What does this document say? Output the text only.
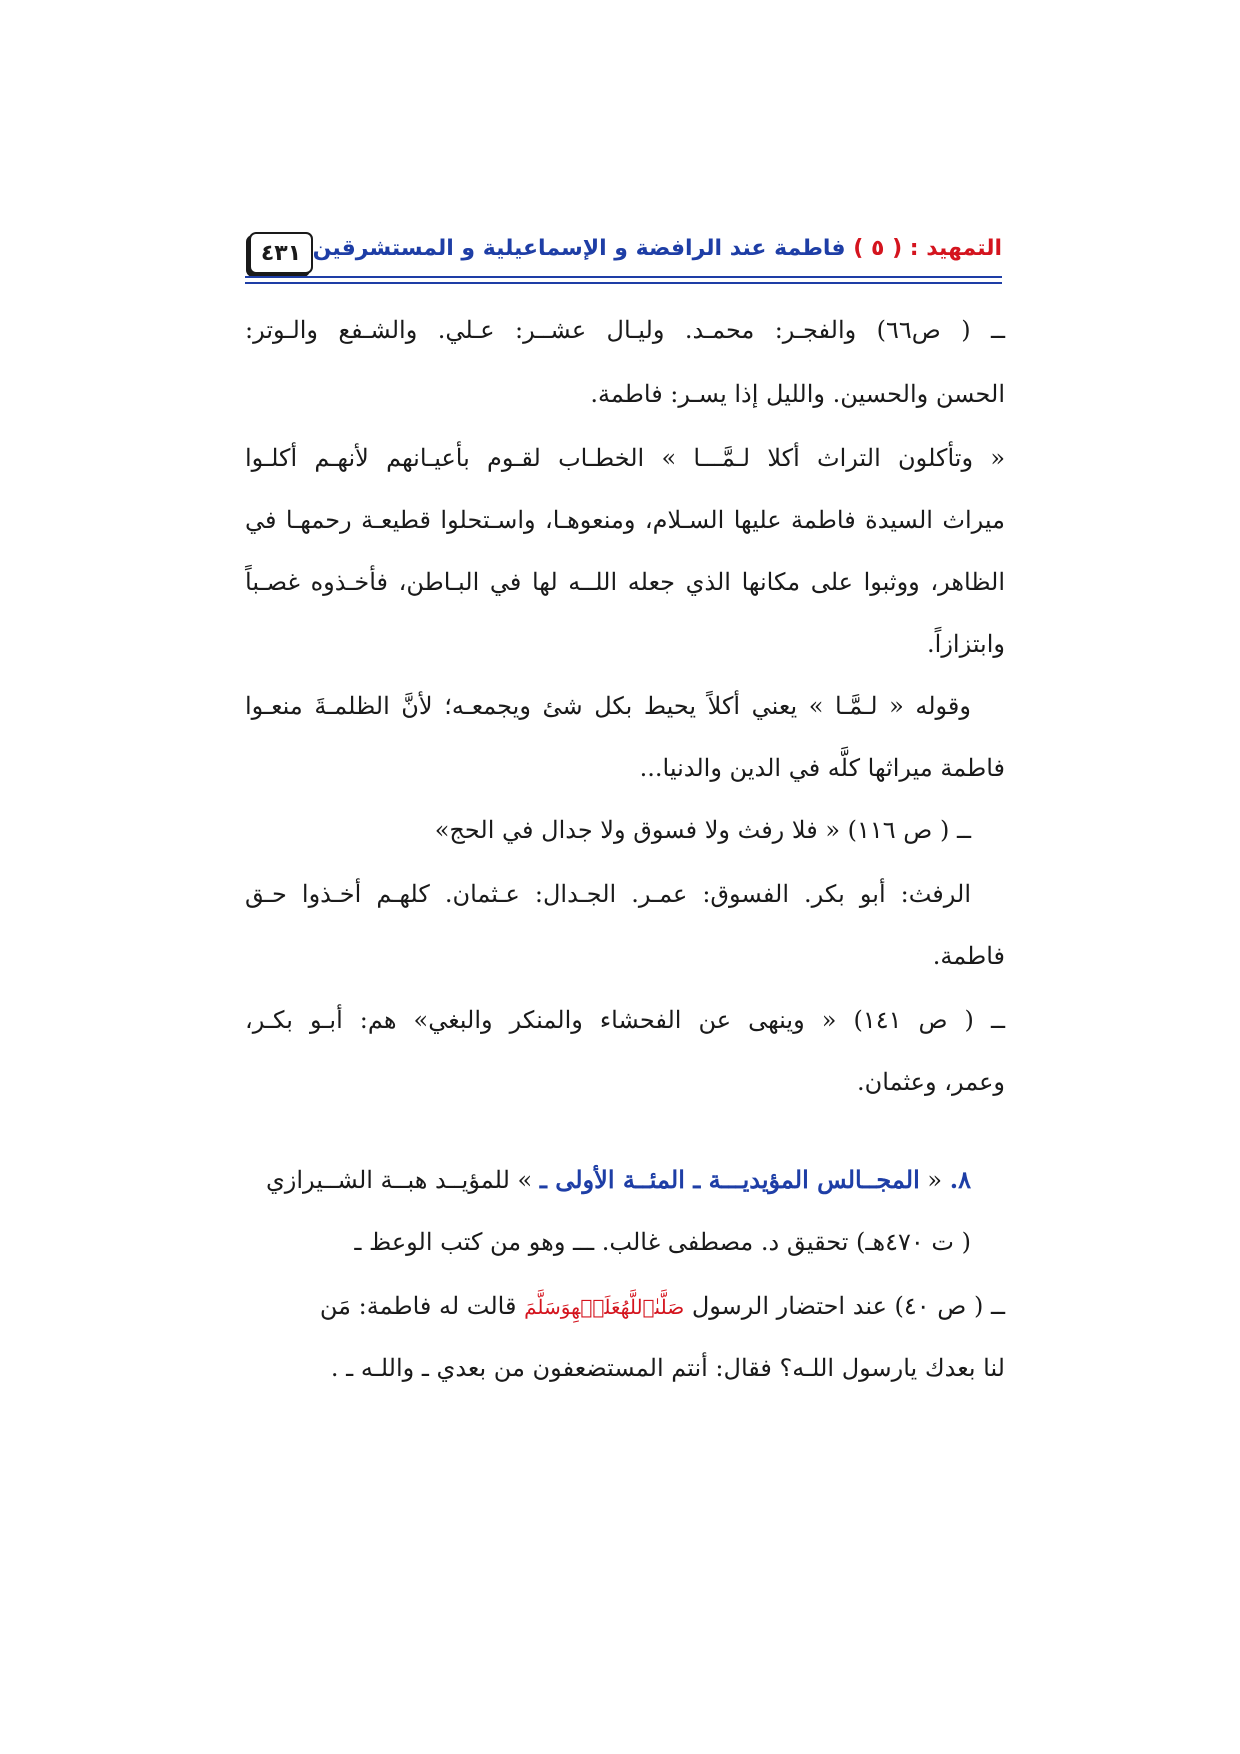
التمهيد : ( ٥ ) فاطمة عند الرافضة و الإسماعيلية و المستشرقين
٤٣١
ــ ( ص٦٦) والفجـر: محمـد. وليـال عشــر: عـلي. والشـفع والـوتر:
الحسن والحسين. والليل إذا يسـر: فاطمة.
« وتأكلون التراث أكلا لـمَّـــا » الخطـاب لقـوم بأعيـانهم لأنهـم أكلـوا
ميراث السيدة فاطمة عليها السـلام، ومنعوهـا، واسـتحلوا قطيعـة رحمهـا في
الظاهر، ووثبوا على مكانها الذي جعله اللــه لها في البـاطن، فأخـذوه غصـباً
وابتزازاً.
وقوله « لـمَّـا » يعني أكلاً يحيط بكل شئ ويجمعـه؛ لأنَّ الظلمـةَ منعـوا
فاطمة ميراثها كلَّه في الدين والدنيا...
ــ ( ص ١١٦) « فلا رفث ولا فسوق ولا جدال في الحج»
الرفث: أبو بكر. الفسوق: عمـر. الجـدال: عـثمان. كلهـم أخـذوا حـق
فاطمة.
ــ ( ص ١٤١) « وينهى عن الفحشاء والمنكر والبغي» هم: أبـو بكـر،
وعمر، وعثمان.
٨. « المجــالس المؤيديـــة ـ المئــة الأولى ـ » للمؤيــد هبــة الشــيرازي
( ت ٤٧٠هـ) تحقيق د. مصطفى غالب. ـــ وهو من كتب الوعظ ـ
ــ ( ص ٤٠) عند احتضار الرسول صَلَّىٰٱللَّهُعَلَيۡهِوَسَلَّمَ قالت له فاطمة: مَن
لنا بعدك يارسول اللـه؟ فقال: أنتم المستضعفون من بعدي ـ واللـه ـ .
